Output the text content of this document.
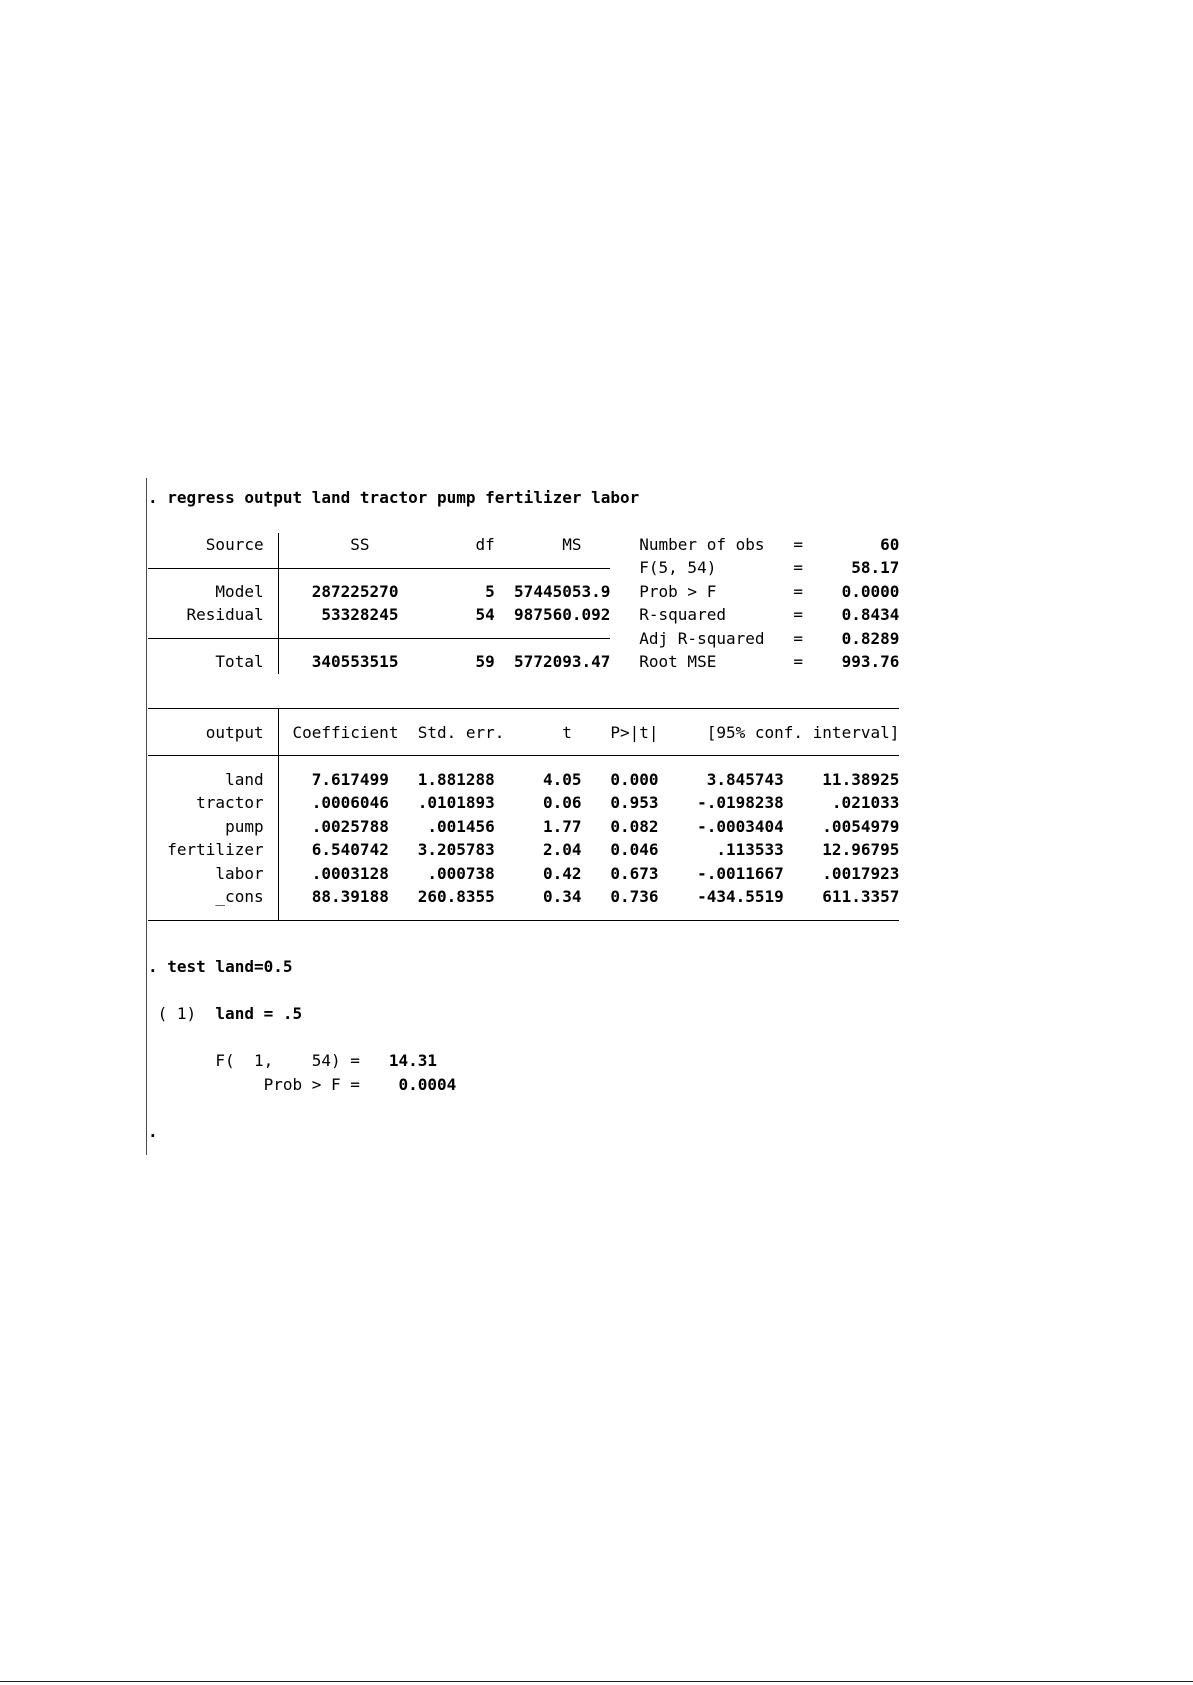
. regress output land tractor pump fertilizer labor
Source	SS	df	MS
Model	287225270	5 57445053.9
Residual	53328245	54 987560.092
Total	340553515	59 5772093.47
Number of obs =	60
F(5, 54)	=	58.17
Prob > F	= 0.0000
R-squared	= 0.8434
Adj R-squared = 0.8289
Root MSE	= 993.76
output Coefficient Std. err.	t P>|t|	[95% conf. interval]
land	7.617499 1.881288	4.05 0.000	3.845743 11.38925
tractor	.0006046 .0101893	0.06 0.953 -.0198238	.021033
pump	.0025788 .001456	1.77 0.082 -.0003404 .0054979
fertilizer	6.540742 3.205783	2.04 0.046	.113533 12.96795
labor	.0003128 .000738	0.42 0.673 -.0011667 .0017923
_cons	88.39188 260.8355	0.34 0.736 -434.5519 611.3357
. test land=0.5
( 1) land = .5
F(  1,    54) = 14.31
Prob > F = 0.0004
.
